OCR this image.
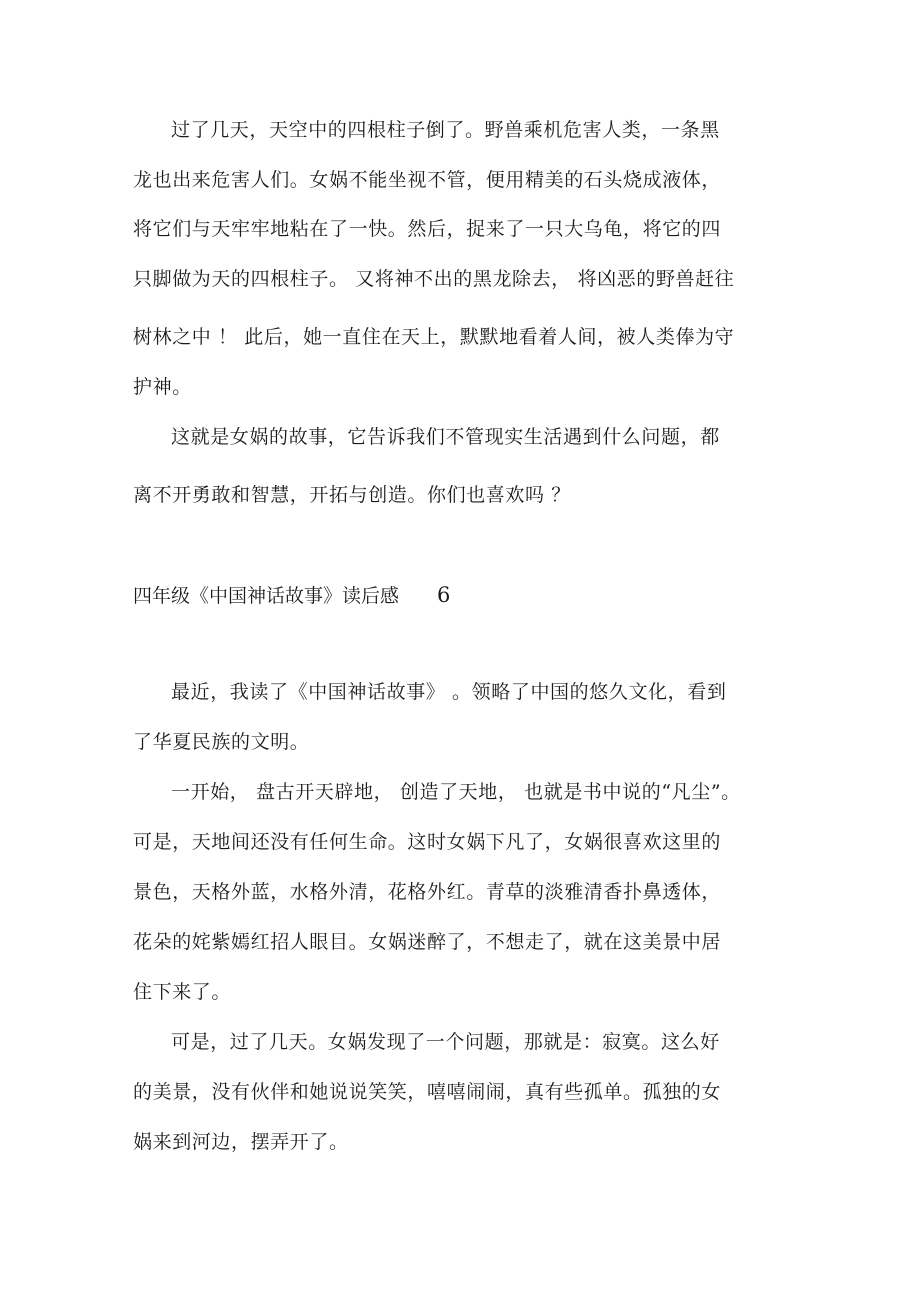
过了几天，天空中的四根柱子倒了。野兽乘机危害人类，一条黑
龙也出来危害人们。女娲不能坐视不管，便用精美的石头烧成液体，
将它们与天牢牢地粘在了一快。然后，捉来了一只大乌龟，将它的四
只脚做为天的四根柱子。 又将神不出的黑龙除去， 将凶恶的野兽赶往
树林之中 ！ 此后，她一直住在天上，默默地看着人间，被人类俸为守
护神。
这就是女娲的故事，它告诉我们不管现实生活遇到什么问题，都
离不开勇敢和智慧，开拓与创造。你们也喜欢吗 ？
四年级《中国神话故事》读后感 6
最近，我读了《中国神话故事》 。领略了中国的悠久文化，看到
了华夏民族的文明。
一开始， 盘古开天辟地， 创造了天地， 也就是书中说的“凡尘”。
可是，天地间还没有任何生命。这时女娲下凡了，女娲很喜欢这里的
景色，天格外蓝，水格外清，花格外红。青草的淡雅清香扑鼻透体，
花朵的姹紫嫣红招人眼目。女娲迷醉了，不想走了，就在这美景中居
住下来了。
可是，过了几天。女娲发现了一个问题，那就是：寂寞。这么好
的美景，没有伙伴和她说说笑笑，嘻嘻闹闹，真有些孤单。孤独的女
娲来到河边，摆弄开了。
